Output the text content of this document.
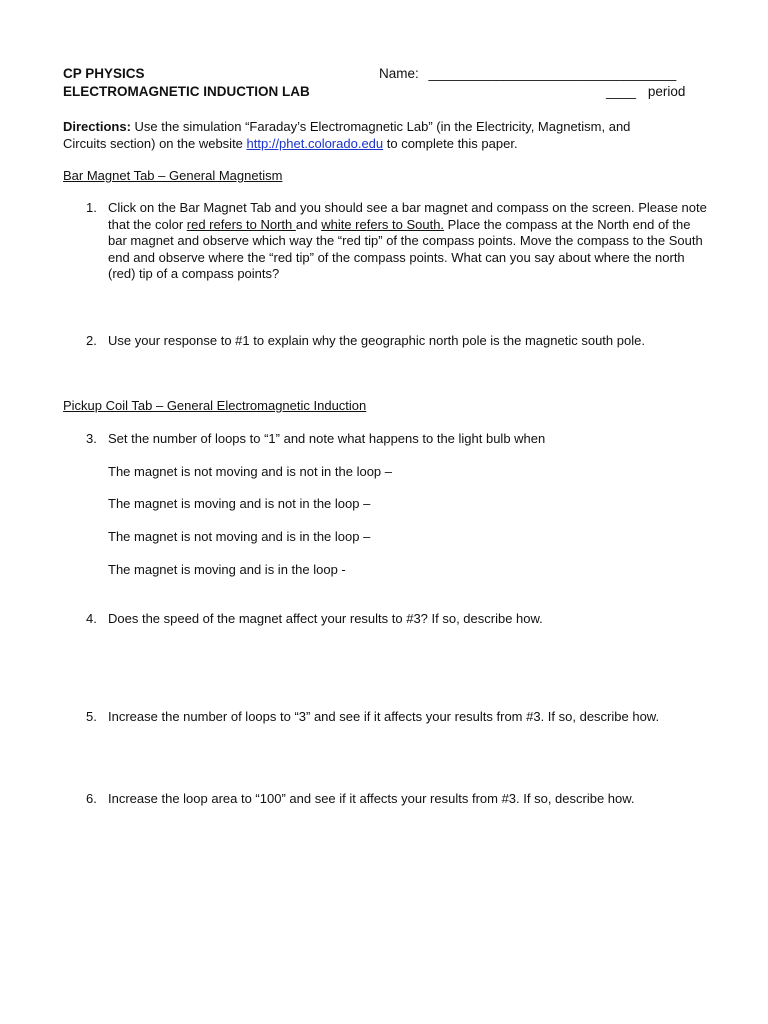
CP PHYSICS
ELECTROMAGNETIC INDUCTION LAB
Name: _________________________________
____ period
Directions: Use the simulation “Faraday’s Electromagnetic Lab” (in the Electricity, Magnetism, and
Circuits section) on the website http://phet.colorado.edu to complete this paper.
Bar Magnet Tab – General Magnetism
1. Click on the Bar Magnet Tab and you should see a bar magnet and compass on the screen. Please note that the color red refers to North and white refers to South. Place the compass at the North end of the bar magnet and observe which way the “red tip” of the compass points. Move the compass to the South end and observe where the “red tip” of the compass points. What can you say about where the north (red) tip of a compass points?
2. Use your response to #1 to explain why the geographic north pole is the magnetic south pole.
Pickup Coil Tab – General Electromagnetic Induction
3. Set the number of loops to “1” and note what happens to the light bulb when
The magnet is not moving and is not in the loop –
The magnet is moving and is not in the loop –
The magnet is not moving and is in the loop –
The magnet is moving and is in the loop -
4. Does the speed of the magnet affect your results to #3? If so, describe how.
5. Increase the number of loops to “3” and see if it affects your results from #3. If so, describe how.
6. Increase the loop area to “100” and see if it affects your results from #3. If so, describe how.
